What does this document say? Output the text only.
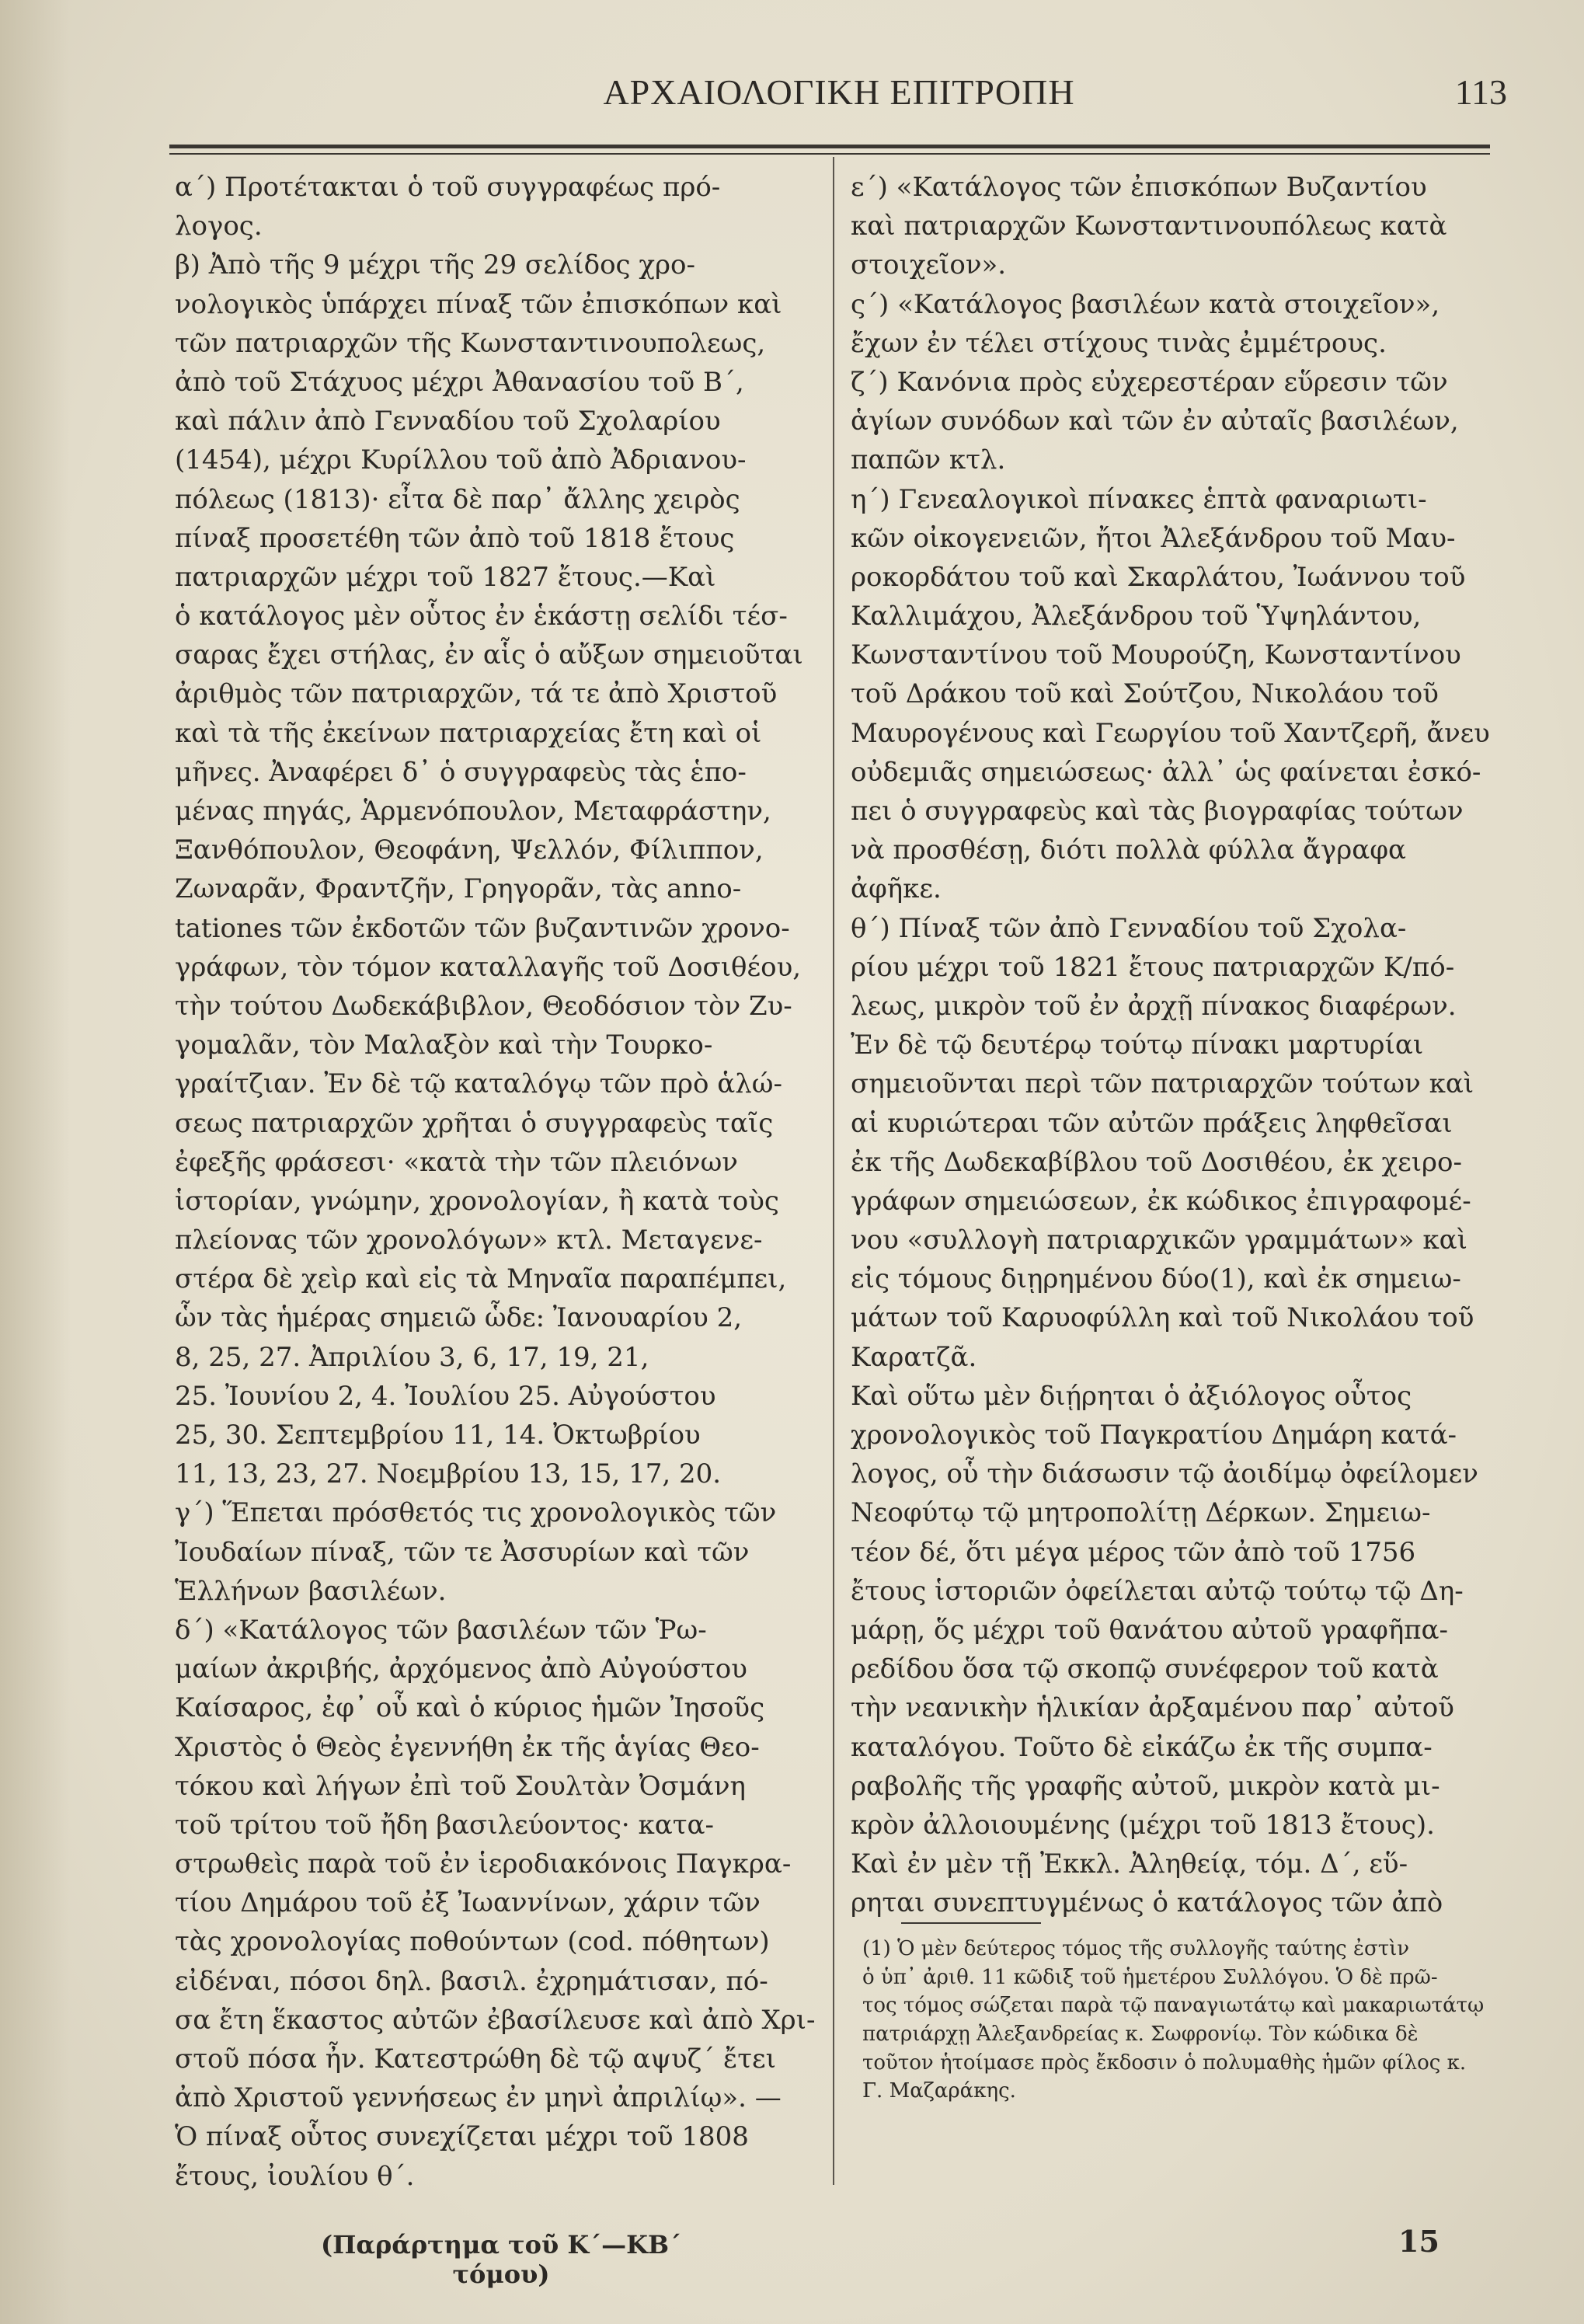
ΑΡΧΑΙΟΛΟΓΙΚΗ ΕΠΙΤΡΟΠΗ	113
α΄) Προτέτακται ὁ τοῦ συγγραφέως πρό-
λογος.
β) Ἀπὸ τῆς 9 μέχρι τῆς 29 σελίδος χρο-
νολογικὸς ὑπάρχει πίναξ τῶν ἐπισκόπων καὶ
τῶν πατριαρχῶν τῆς Κωνσταντινουπολεως,
ἀπὸ τοῦ Στάχυος μέχρι Ἀθανασίου τοῦ Β΄,
καὶ πάλιν ἀπὸ Γενναδίου τοῦ Σχολαρίου
(1454), μέχρι Κυρίλλου τοῦ ἀπὸ Ἀδριανου-
πόλεως (1813)· εἶτα δὲ παρ᾽ ἄλλης χειρὸς
πίναξ προσετέθη τῶν ἀπὸ τοῦ 1818 ἔτους
πατριαρχῶν μέχρι τοῦ 1827 ἔτους.—Καὶ
ὁ κατάλογος μὲν οὗτος ἐν ἑκάστῃ σελίδι τέσ-
σαρας ἔχει στήλας, ἐν αἷς ὁ αὔξων σημειοῦται
ἀριθμὸς τῶν πατριαρχῶν, τά τε ἀπὸ Χριστοῦ
καὶ τὰ τῆς ἐκείνων πατριαρχείας ἔτη καὶ οἱ
μῆνες. Ἀναφέρει δ᾽ ὁ συγγραφεὺς τὰς ἑπο-
μένας πηγάς, Ἁρμενόπουλον, Μεταφράστην,
Ξανθόπουλον, Θεοφάνη, Ψελλόν, Φίλιππον,
Ζωναρᾶν, Φραντζῆν, Γρηγορᾶν, τὰς anno-
tationes τῶν ἐκδοτῶν τῶν βυζαντινῶν χρονο-
γράφων, τὸν τόμον καταλλαγῆς τοῦ Δοσιθέου,
τὴν τούτου Δωδεκάβιβλον, Θεοδόσιον τὸν Ζυ-
γομαλᾶν, τὸν Μαλαξὸν καὶ τὴν Τουρκο-
γραίτζιαν. Ἐν δὲ τῷ καταλόγῳ τῶν πρὸ ἁλώ-
σεως πατριαρχῶν χρῆται ὁ συγγραφεὺς ταῖς
ἐφεξῆς φράσεσι· «κατὰ τὴν τῶν πλειόνων
ἱστορίαν, γνώμην, χρονολογίαν, ἢ κατὰ τοὺς
πλείονας τῶν χρονολόγων» κτλ. Μεταγενε-
στέρα δὲ χεὶρ καὶ εἰς τὰ Μηναῖα παραπέμπει,
ὧν τὰς ἡμέρας σημειῶ ὧδε: Ἰανουαρίου 2,
8, 25, 27. Ἀπριλίου 3, 6, 17, 19, 21,
25. Ἰουνίου 2, 4. Ἰουλίου 25. Αὐγούστου
25, 30. Σεπτεμβρίου 11, 14. Ὀκτωβρίου
11, 13, 23, 27. Νοεμβρίου 13, 15, 17, 20.
γ΄) Ἕπεται πρόσθετός τις χρονολογικὸς τῶν
Ἰουδαίων πίναξ, τῶν τε Ἀσσυρίων καὶ τῶν
Ἑλλήνων βασιλέων.
δ΄) «Κατάλογος τῶν βασιλέων τῶν Ῥω-
μαίων ἀκριβής, ἀρχόμενος ἀπὸ Αὐγούστου
Καίσαρος, ἐφ᾽ οὗ καὶ ὁ κύριος ἡμῶν Ἰησοῦς
Χριστὸς ὁ Θεὸς ἐγεννήθη ἐκ τῆς ἁγίας Θεο-
τόκου καὶ λήγων ἐπὶ τοῦ Σουλτὰν Ὀσμάνη
τοῦ τρίτου τοῦ ἤδη βασιλεύοντος· κατα-
στρωθεὶς παρὰ τοῦ ἐν ἱεροδιακόνοις Παγκρα-
τίου Δημάρου τοῦ ἐξ Ἰωαννίνων, χάριν τῶν
τὰς χρονολογίας ποθούντων (cod. πόθητων)
εἰδέναι, πόσοι δηλ. βασιλ. ἐχρημάτισαν, πό-
σα ἔτη ἕκαστος αὐτῶν ἐβασίλευσε καὶ ἀπὸ Χρι-
στοῦ πόσα ἦν. Κατεστρώθη δὲ τῷ αψυζ΄ ἔτει
ἀπὸ Χριστοῦ γεννήσεως ἐν μηνὶ ἀπριλίῳ». —
Ὁ πίναξ οὗτος συνεχίζεται μέχρι τοῦ 1808
ἔτους, ἰουλίου θ΄.
ε΄) «Κατάλογος τῶν ἐπισκόπων Βυζαντίου
καὶ πατριαρχῶν Κωνσταντινουπόλεως κατὰ
στοιχεῖον».
ς΄) «Κατάλογος βασιλέων κατὰ στοιχεῖον»,
ἔχων ἐν τέλει στίχους τινὰς ἐμμέτρους.
ζ΄) Κανόνια πρὸς εὐχερεστέραν εὕρεσιν τῶν
ἁγίων συνόδων καὶ τῶν ἐν αὐταῖς βασιλέων,
παπῶν κτλ.
η΄) Γενεαλογικοὶ πίνακες ἑπτὰ φαναριωτι-
κῶν οἰκογενειῶν, ἤτοι Ἀλεξάνδρου τοῦ Μαυ-
ροκορδάτου τοῦ καὶ Σκαρλάτου, Ἰωάννου τοῦ
Καλλιμάχου, Ἀλεξάνδρου τοῦ Ὑψηλάντου,
Κωνσταντίνου τοῦ Μουρούζη, Κωνσταντίνου
τοῦ Δράκου τοῦ καὶ Σούτζου, Νικολάου τοῦ
Μαυρογένους καὶ Γεωργίου τοῦ Χαντζερῆ, ἄνευ
οὐδεμιᾶς σημειώσεως· ἀλλ᾽ ὡς φαίνεται ἐσκό-
πει ὁ συγγραφεὺς καὶ τὰς βιογραφίας τούτων
νὰ προσθέσῃ, διότι πολλὰ φύλλα ἄγραφα
ἀφῆκε.
θ΄) Πίναξ τῶν ἀπὸ Γενναδίου τοῦ Σχολα-
ρίου μέχρι τοῦ 1821 ἔτους πατριαρχῶν Κ/πό-
λεως, μικρὸν τοῦ ἐν ἀρχῇ πίνακος διαφέρων.
Ἐν δὲ τῷ δευτέρῳ τούτῳ πίνακι μαρτυρίαι
σημειοῦνται περὶ τῶν πατριαρχῶν τούτων καὶ
αἱ κυριώτεραι τῶν αὐτῶν πράξεις ληφθεῖσαι
ἐκ τῆς Δωδεκαβίβλου τοῦ Δοσιθέου, ἐκ χειρο-
γράφων σημειώσεων, ἐκ κώδικος ἐπιγραφομέ-
νου «συλλογὴ πατριαρχικῶν γραμμάτων» καὶ
εἰς τόμους διῃρημένου δύο(1), καὶ ἐκ σημειω-
μάτων τοῦ Καρυοφύλλη καὶ τοῦ Νικολάου τοῦ
Καρατζᾶ.
Καὶ οὕτω μὲν διῄρηται ὁ ἀξιόλογος οὗτος
χρονολογικὸς τοῦ Παγκρατίου Δημάρη κατά-
λογος, οὗ τὴν διάσωσιν τῷ ἀοιδίμῳ ὀφείλομεν
Νεοφύτῳ τῷ μητροπολίτῃ Δέρκων. Σημειω-
τέον δέ, ὅτι μέγα μέρος τῶν ἀπὸ τοῦ 1756
ἔτους ἱστοριῶν ὀφείλεται αὐτῷ τούτῳ τῷ Δη-
μάρῃ, ὅς μέχρι τοῦ θανάτου αὐτοῦ γραφῆπα-
ρεδίδου ὅσα τῷ σκοπῷ συνέφερον τοῦ κατὰ
τὴν νεανικὴν ἡλικίαν ἀρξαμένου παρ᾽ αὐτοῦ
καταλόγου. Τοῦτο δὲ εἰκάζω ἐκ τῆς συμπα-
ραβολῆς τῆς γραφῆς αὐτοῦ, μικρὸν κατὰ μι-
κρὸν ἀλλοιουμένης (μέχρι τοῦ 1813 ἔτους).
Καὶ ἐν μὲν τῇ Ἐκκλ. Ἀληθείᾳ, τόμ. Δ΄, εὕ-
ρηται συνεπτυγμένως ὁ κατάλογος τῶν ἀπὸ
(1) Ὁ μὲν δεύτερος τόμος τῆς συλλογῆς ταύτης ἐστὶν
ὁ ὑπ᾽ ἀριθ. 11 κῶδιξ τοῦ ἡμετέρου Συλλόγου. Ὁ δὲ πρῶ-
τος τόμος σώζεται παρὰ τῷ παναγιωτάτῳ καὶ μακαριωτάτῳ
πατριάρχῃ Ἀλεξανδρείας κ. Σωφρονίῳ. Τὸν κώδικα δὲ
τοῦτον ἡτοίμασε πρὸς ἔκδοσιν ὁ πολυμαθὴς ἡμῶν φίλος κ.
Γ. Μαζαράκης.
(Παράρτημα τοῦ Κ΄—ΚΒ΄ τόμου)
15
